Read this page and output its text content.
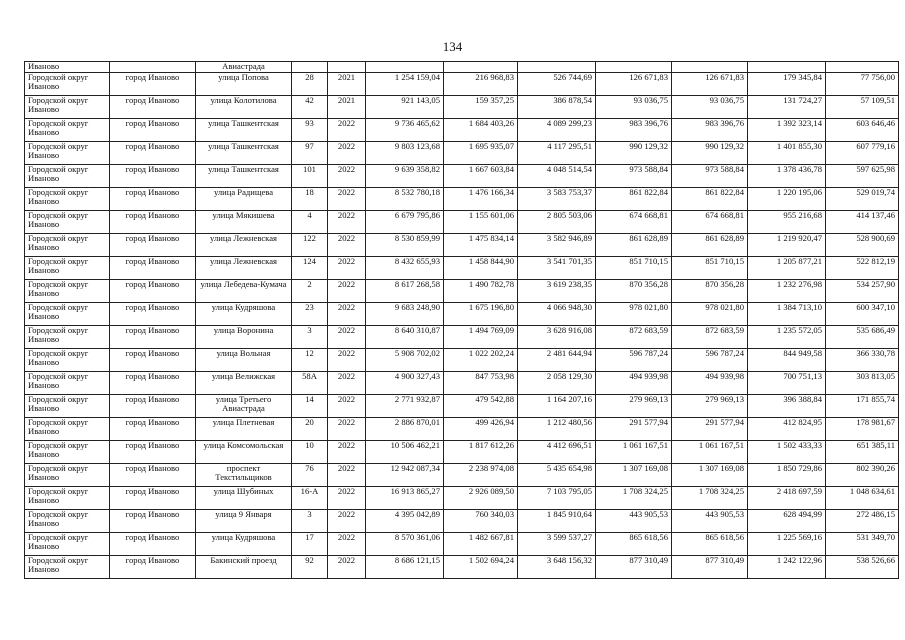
134
Иваново		Авиастрада									
Городской округ Иваново	город Иваново	улица Попова	28	2021	1 254 159,04	216 968,83	526 744,69	126 671,83	126 671,83	179 345,84	77 756,00
Городской округ Иваново	город Иваново	улица Колотилова	42	2021	921 143,05	159 357,25	386 878,54	93 036,75	93 036,75	131 724,27	57 109,51
Городской округ Иваново	город Иваново	улица Ташкентская	93	2022	9 736 465,62	1 684 403,26	4 089 299,23	983 396,76	983 396,76	1 392 323,14	603 646,46
Городской округ Иваново	город Иваново	улица Ташкентская	97	2022	9 803 123,68	1 695 935,07	4 117 295,51	990 129,32	990 129,32	1 401 855,30	607 779,16
Городской округ Иваново	город Иваново	улица Ташкентская	101	2022	9 639 358,82	1 667 603,84	4 048 514,54	973 588,84	973 588,84	1 378 436,78	597 625,98
Городской округ Иваново	город Иваново	улица Радищева	18	2022	8 532 780,18	1 476 166,34	3 583 753,37	861 822,84	861 822,84	1 220 195,06	529 019,74
Городской округ Иваново	город Иваново	улица Мякишева	4	2022	6 679 795,86	1 155 601,06	2 805 503,06	674 668,81	674 668,81	955 216,68	414 137,46
Городской округ Иваново	город Иваново	улица Лежневская	122	2022	8 530 859,99	1 475 834,14	3 582 946,89	861 628,89	861 628,89	1 219 920,47	528 900,69
Городской округ Иваново	город Иваново	улица Лежневская	124	2022	8 432 655,93	1 458 844,90	3 541 701,35	851 710,15	851 710,15	1 205 877,21	522 812,19
Городской округ Иваново	город Иваново	улица Лебедева-Кумача	2	2022	8 617 268,58	1 490 782,78	3 619 238,35	870 356,28	870 356,28	1 232 276,98	534 257,90
Городской округ Иваново	город Иваново	улица Кудряшова	23	2022	9 683 248,90	1 675 196,80	4 066 948,30	978 021,80	978 021,80	1 384 713,10	600 347,10
Городской округ Иваново	город Иваново	улица Воронина	3	2022	8 640 310,87	1 494 769,09	3 628 916,08	872 683,59	872 683,59	1 235 572,05	535 686,49
Городской округ Иваново	город Иваново	улица Вольная	12	2022	5 908 702,02	1 022 202,24	2 481 644,94	596 787,24	596 787,24	844 949,58	366 330,78
Городской округ Иваново	город Иваново	улица Велижская	58А	2022	4 900 327,43	847 753,98	2 058 129,30	494 939,98	494 939,98	700 751,13	303 813,05
Городской округ Иваново	город Иваново	улица Третьего Авиастрада	14	2022	2 771 932,87	479 542,88	1 164 207,16	279 969,13	279 969,13	396 388,84	171 855,74
Городской округ Иваново	город Иваново	улица Плетневая	20	2022	2 886 870,01	499 426,94	1 212 480,56	291 577,94	291 577,94	412 824,95	178 981,67
Городской округ Иваново	город Иваново	улица Комсомольская	10	2022	10 506 462,21	1 817 612,26	4 412 696,51	1 061 167,51	1 061 167,51	1 502 433,33	651 385,11
Городской округ Иваново	город Иваново	проспект Текстильщиков	76	2022	12 942 087,34	2 238 974,08	5 435 654,98	1 307 169,08	1 307 169,08	1 850 729,86	802 390,26
Городской округ Иваново	город Иваново	улица Шубиных	16-А	2022	16 913 865,27	2 926 089,50	7 103 795,05	1 708 324,25	1 708 324,25	2 418 697,59	1 048 634,61
Городской округ Иваново	город Иваново	улица 9 Января	3	2022	4 395 042,89	760 340,03	1 845 910,64	443 905,53	443 905,53	628 494,99	272 486,15
Городской округ Иваново	город Иваново	улица Кудряшова	17	2022	8 570 361,06	1 482 667,81	3 599 537,27	865 618,56	865 618,56	1 225 569,16	531 349,70
Городской округ Иваново	город Иваново	Бакинский проезд	92	2022	8 686 121,15	1 502 694,24	3 648 156,32	877 310,49	877 310,49	1 242 122,96	538 526,66
